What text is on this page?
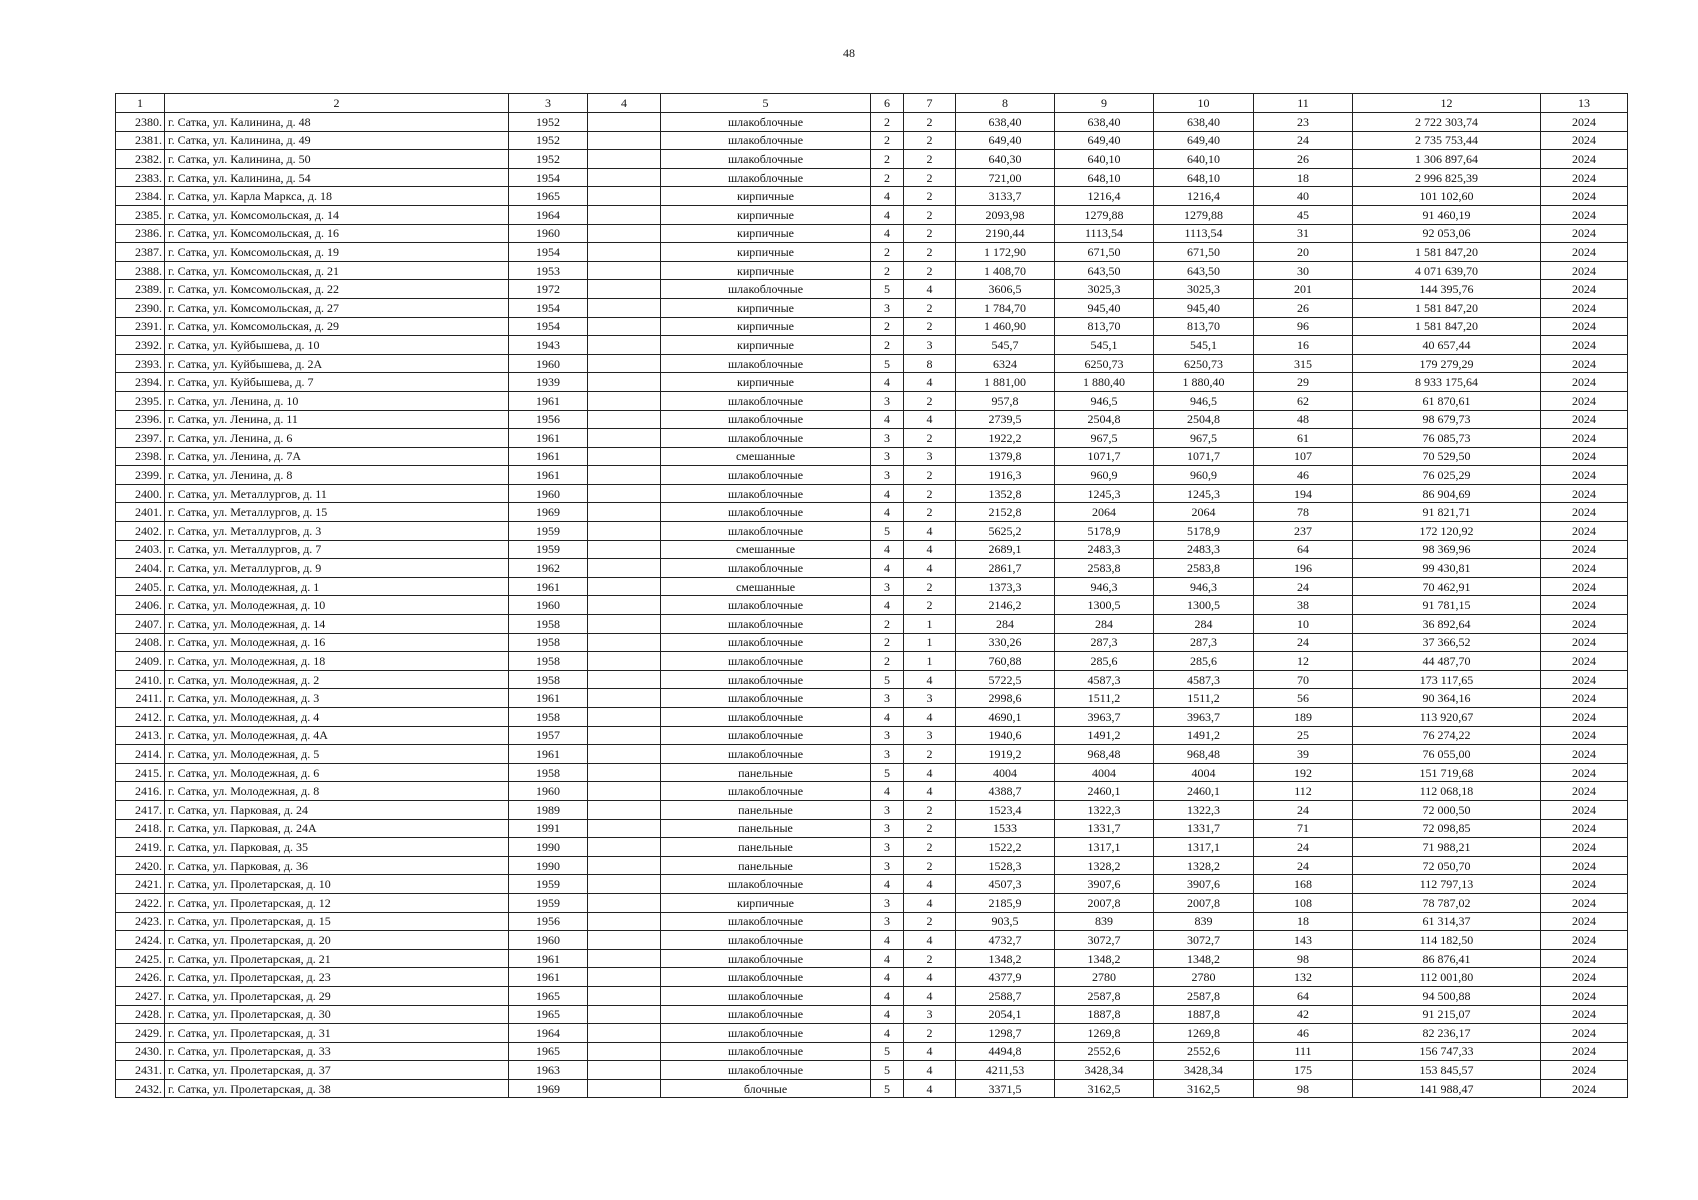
48
1	2	3	4	5	6	7	8	9	10	11	12	13
2380.	г. Сатка, ул. Калинина, д. 48	1952		шлакоблочные	2	2	638,40	638,40	638,40	23	2 722 303,74	2024
2381.	г. Сатка, ул. Калинина, д. 49	1952		шлакоблочные	2	2	649,40	649,40	649,40	24	2 735 753,44	2024
2382.	г. Сатка, ул. Калинина, д. 50	1952		шлакоблочные	2	2	640,30	640,10	640,10	26	1 306 897,64	2024
2383.	г. Сатка, ул. Калинина, д. 54	1954		шлакоблочные	2	2	721,00	648,10	648,10	18	2 996 825,39	2024
2384.	г. Сатка, ул. Карла Маркса, д. 18	1965		кирпичные	4	2	3133,7	1216,4	1216,4	40	101 102,60	2024
2385.	г. Сатка, ул. Комсомольская, д. 14	1964		кирпичные	4	2	2093,98	1279,88	1279,88	45	91 460,19	2024
2386.	г. Сатка, ул. Комсомольская, д. 16	1960		кирпичные	4	2	2190,44	1113,54	1113,54	31	92 053,06	2024
2387.	г. Сатка, ул. Комсомольская, д. 19	1954		кирпичные	2	2	1 172,90	671,50	671,50	20	1 581 847,20	2024
2388.	г. Сатка, ул. Комсомольская, д. 21	1953		кирпичные	2	2	1 408,70	643,50	643,50	30	4 071 639,70	2024
2389.	г. Сатка, ул. Комсомольская, д. 22	1972		шлакоблочные	5	4	3606,5	3025,3	3025,3	201	144 395,76	2024
2390.	г. Сатка, ул. Комсомольская, д. 27	1954		кирпичные	3	2	1 784,70	945,40	945,40	26	1 581 847,20	2024
2391.	г. Сатка, ул. Комсомольская, д. 29	1954		кирпичные	2	2	1 460,90	813,70	813,70	96	1 581 847,20	2024
2392.	г. Сатка, ул. Куйбышева, д. 10	1943		кирпичные	2	3	545,7	545,1	545,1	16	40 657,44	2024
2393.	г. Сатка, ул. Куйбышева, д. 2А	1960		шлакоблочные	5	8	6324	6250,73	6250,73	315	179 279,29	2024
2394.	г. Сатка, ул. Куйбышева, д. 7	1939		кирпичные	4	4	1 881,00	1 880,40	1 880,40	29	8 933 175,64	2024
2395.	г. Сатка, ул. Ленина, д. 10	1961		шлакоблочные	3	2	957,8	946,5	946,5	62	61 870,61	2024
2396.	г. Сатка, ул. Ленина, д. 11	1956		шлакоблочные	4	4	2739,5	2504,8	2504,8	48	98 679,73	2024
2397.	г. Сатка, ул. Ленина, д. 6	1961		шлакоблочные	3	2	1922,2	967,5	967,5	61	76 085,73	2024
2398.	г. Сатка, ул. Ленина, д. 7А	1961		смешанные	3	3	1379,8	1071,7	1071,7	107	70 529,50	2024
2399.	г. Сатка, ул. Ленина, д. 8	1961		шлакоблочные	3	2	1916,3	960,9	960,9	46	76 025,29	2024
2400.	г. Сатка, ул. Металлургов, д. 11	1960		шлакоблочные	4	2	1352,8	1245,3	1245,3	194	86 904,69	2024
2401.	г. Сатка, ул. Металлургов, д. 15	1969		шлакоблочные	4	2	2152,8	2064	2064	78	91 821,71	2024
2402.	г. Сатка, ул. Металлургов, д. 3	1959		шлакоблочные	5	4	5625,2	5178,9	5178,9	237	172 120,92	2024
2403.	г. Сатка, ул. Металлургов, д. 7	1959		смешанные	4	4	2689,1	2483,3	2483,3	64	98 369,96	2024
2404.	г. Сатка, ул. Металлургов, д. 9	1962		шлакоблочные	4	4	2861,7	2583,8	2583,8	196	99 430,81	2024
2405.	г. Сатка, ул. Молодежная, д. 1	1961		смешанные	3	2	1373,3	946,3	946,3	24	70 462,91	2024
2406.	г. Сатка, ул. Молодежная, д. 10	1960		шлакоблочные	4	2	2146,2	1300,5	1300,5	38	91 781,15	2024
2407.	г. Сатка, ул. Молодежная, д. 14	1958		шлакоблочные	2	1	284	284	284	10	36 892,64	2024
2408.	г. Сатка, ул. Молодежная, д. 16	1958		шлакоблочные	2	1	330,26	287,3	287,3	24	37 366,52	2024
2409.	г. Сатка, ул. Молодежная, д. 18	1958		шлакоблочные	2	1	760,88	285,6	285,6	12	44 487,70	2024
2410.	г. Сатка, ул. Молодежная, д. 2	1958		шлакоблочные	5	4	5722,5	4587,3	4587,3	70	173 117,65	2024
2411.	г. Сатка, ул. Молодежная, д. 3	1961		шлакоблочные	3	3	2998,6	1511,2	1511,2	56	90 364,16	2024
2412.	г. Сатка, ул. Молодежная, д. 4	1958		шлакоблочные	4	4	4690,1	3963,7	3963,7	189	113 920,67	2024
2413.	г. Сатка, ул. Молодежная, д. 4А	1957		шлакоблочные	3	3	1940,6	1491,2	1491,2	25	76 274,22	2024
2414.	г. Сатка, ул. Молодежная, д. 5	1961		шлакоблочные	3	2	1919,2	968,48	968,48	39	76 055,00	2024
2415.	г. Сатка, ул. Молодежная, д. 6	1958		панельные	5	4	4004	4004	4004	192	151 719,68	2024
2416.	г. Сатка, ул. Молодежная, д. 8	1960		шлакоблочные	4	4	4388,7	2460,1	2460,1	112	112 068,18	2024
2417.	г. Сатка, ул. Парковая, д. 24	1989		панельные	3	2	1523,4	1322,3	1322,3	24	72 000,50	2024
2418.	г. Сатка, ул. Парковая, д. 24А	1991		панельные	3	2	1533	1331,7	1331,7	71	72 098,85	2024
2419.	г. Сатка, ул. Парковая, д. 35	1990		панельные	3	2	1522,2	1317,1	1317,1	24	71 988,21	2024
2420.	г. Сатка, ул. Парковая, д. 36	1990		панельные	3	2	1528,3	1328,2	1328,2	24	72 050,70	2024
2421.	г. Сатка, ул. Пролетарская, д. 10	1959		шлакоблочные	4	4	4507,3	3907,6	3907,6	168	112 797,13	2024
2422.	г. Сатка, ул. Пролетарская, д. 12	1959		кирпичные	3	4	2185,9	2007,8	2007,8	108	78 787,02	2024
2423.	г. Сатка, ул. Пролетарская, д. 15	1956		шлакоблочные	3	2	903,5	839	839	18	61 314,37	2024
2424.	г. Сатка, ул. Пролетарская, д. 20	1960		шлакоблочные	4	4	4732,7	3072,7	3072,7	143	114 182,50	2024
2425.	г. Сатка, ул. Пролетарская, д. 21	1961		шлакоблочные	4	2	1348,2	1348,2	1348,2	98	86 876,41	2024
2426.	г. Сатка, ул. Пролетарская, д. 23	1961		шлакоблочные	4	4	4377,9	2780	2780	132	112 001,80	2024
2427.	г. Сатка, ул. Пролетарская, д. 29	1965		шлакоблочные	4	4	2588,7	2587,8	2587,8	64	94 500,88	2024
2428.	г. Сатка, ул. Пролетарская, д. 30	1965		шлакоблочные	4	3	2054,1	1887,8	1887,8	42	91 215,07	2024
2429.	г. Сатка, ул. Пролетарская, д. 31	1964		шлакоблочные	4	2	1298,7	1269,8	1269,8	46	82 236,17	2024
2430.	г. Сатка, ул. Пролетарская, д. 33	1965		шлакоблочные	5	4	4494,8	2552,6	2552,6	111	156 747,33	2024
2431.	г. Сатка, ул. Пролетарская, д. 37	1963		шлакоблочные	5	4	4211,53	3428,34	3428,34	175	153 845,57	2024
2432.	г. Сатка, ул. Пролетарская, д. 38	1969		блочные	5	4	3371,5	3162,5	3162,5	98	141 988,47	2024
